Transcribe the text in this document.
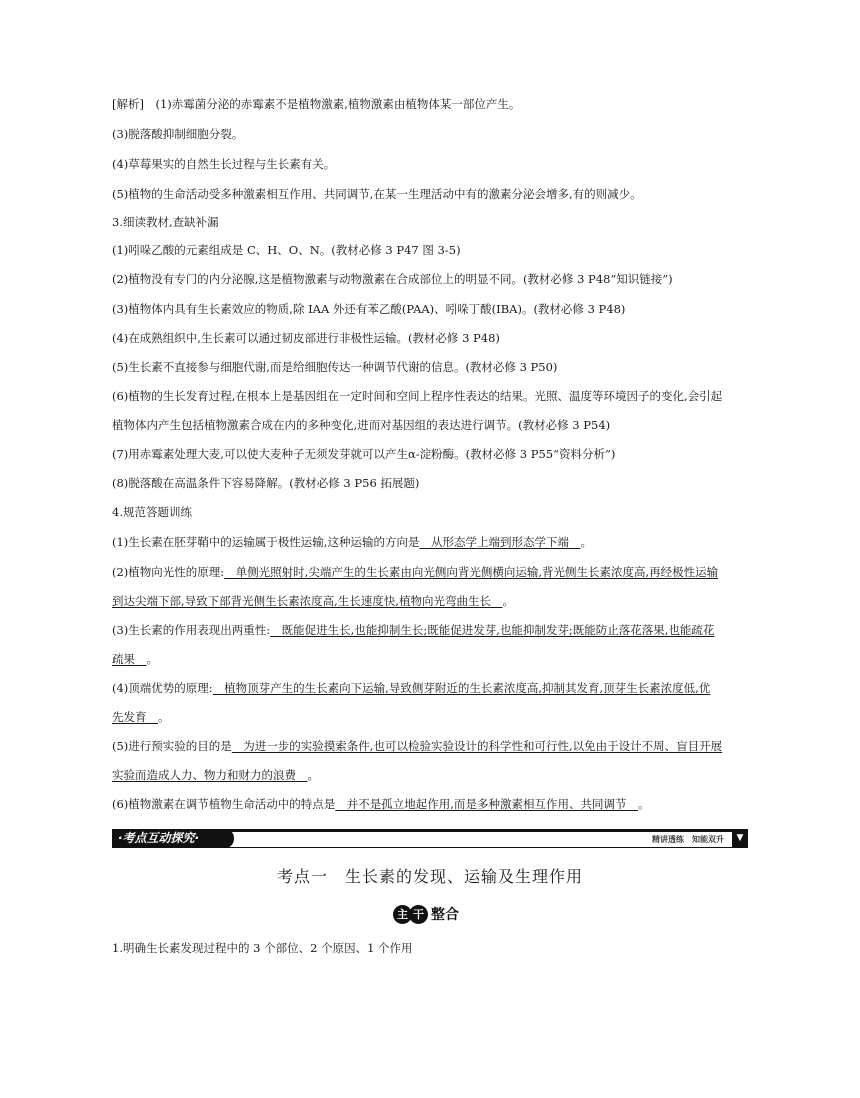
[解析]　(1)赤霉菌分泌的赤霉素不是植物激素,植物激素由植物体某一部位产生。
(3)脱落酸抑制细胞分裂。
(4)草莓果实的自然生长过程与生长素有关。
(5)植物的生命活动受多种激素相互作用、共同调节,在某一生理活动中有的激素分泌会增多,有的则减少。
3.细读教材,查缺补漏
(1)吲哚乙酸的元素组成是 C、H、O、N。(教材必修 3 P47 图 3-5)
(2)植物没有专门的内分泌腺,这是植物激素与动物激素在合成部位上的明显不同。(教材必修 3 P48“知识链接”)
(3)植物体内具有生长素效应的物质,除 IAA 外还有苯乙酸(PAA)、吲哚丁酸(IBA)。(教材必修 3 P48)
(4)在成熟组织中,生长素可以通过韧皮部进行非极性运输。(教材必修 3 P48)
(5)生长素不直接参与细胞代谢,而是给细胞传达一种调节代谢的信息。(教材必修 3 P50)
(6)植物的生长发育过程,在根本上是基因组在一定时间和空间上程序性表达的结果。光照、温度等环境因子的变化,会引起
植物体内产生包括植物激素合成在内的多种变化,进而对基因组的表达进行调节。(教材必修 3 P54)
(7)用赤霉素处理大麦,可以使大麦种子无须发芽就可以产生α-淀粉酶。(教材必修 3 P55“资料分析”)
(8)脱落酸在高温条件下容易降解。(教材必修 3 P56 拓展题)
4.规范答题训练
(1)生长素在胚芽鞘中的运输属于极性运输,这种运输的方向是　从形态学上端到形态学下端　。
(2)植物向光性的原理:　单侧光照射时,尖端产生的生长素由向光侧向背光侧横向运输,背光侧生长素浓度高,再经极性运输
到达尖端下部,导致下部背光侧生长素浓度高,生长速度快,植物向光弯曲生长　。
(3)生长素的作用表现出两重性:　既能促进生长,也能抑制生长;既能促进发芽,也能抑制发芽;既能防止落花落果,也能疏花
疏果　。
(4)顶端优势的原理:　植物顶芽产生的生长素向下运输,导致侧芽附近的生长素浓度高,抑制其发育,顶芽生长素浓度低,优
先发育　。
(5)进行预实验的目的是　为进一步的实验摸索条件,也可以检验实验设计的科学性和可行性,以免由于设计不周、盲目开展
实验而造成人力、物力和财力的浪费　。
(6)植物激素在调节植物生命活动中的特点是　并不是孤立地起作用,而是多种激素相互作用、共同调节　。
·考点互动探究·	精讲透练　知能双升	▼
考点一　生长素的发现、运输及生理作用
主 干 整合
1.明确生长素发现过程中的 3 个部位、2 个原因、1 个作用
